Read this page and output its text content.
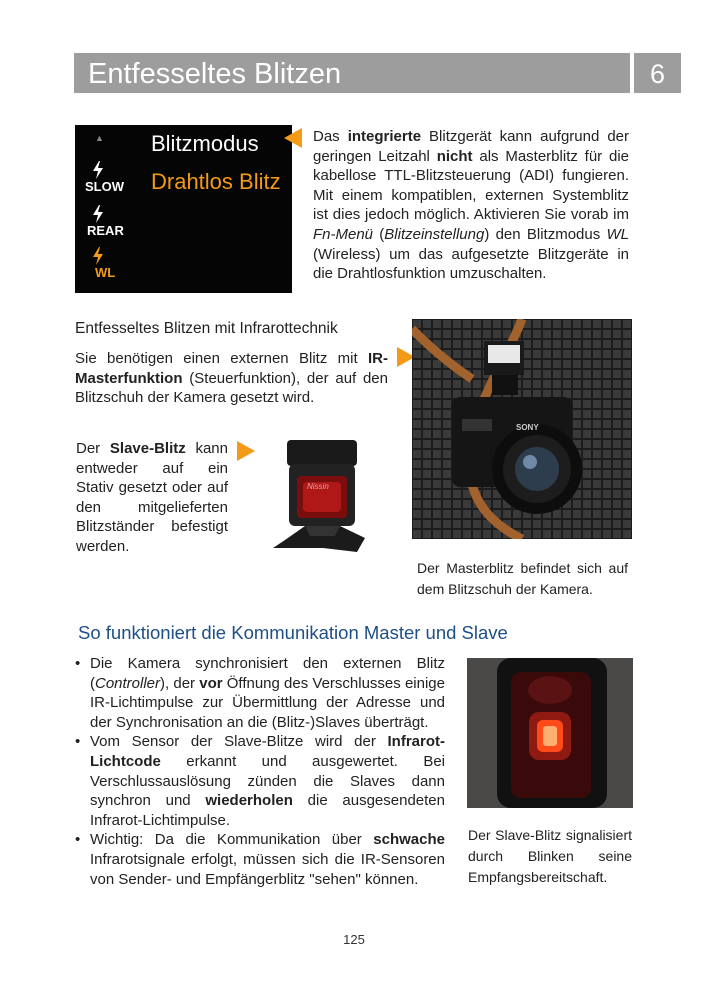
Entfesseltes Blitzen	6
▲
SLOW
REAR
WL
Blitzmodus
Drahtlos Blitz
Das integrierte Blitzgerät kann aufgrund der geringen Leitzahl nicht als Masterblitz für die kabellose TTL-Blitzsteuerung (ADI) fungieren. Mit einem kompatiblen, externen Systemblitz ist dies jedoch möglich. Aktivieren Sie vorab im Fn-Menü (Blitzeinstellung) den Blitzmodus WL (Wireless) um das aufgesetzte Blitzgeräte in die Drahtlosfunktion umzuschalten.
Entfesseltes Blitzen mit Infrarottechnik
Sie benötigen einen externen Blitz mit IR-Masterfunktion (Steuerfunktion), der auf den Blitzschuh der Kamera gesetzt wird.
SONY
Der Masterblitz befindet sich auf dem Blitzschuh der Kamera.
Der Slave-Blitz kann entweder auf ein Stativ gesetzt oder auf den mitgelieferten Blitzständer befestigt werden.
Nissin
So funktioniert die Kommunikation Master und Slave
• Die Kamera synchronisiert den externen Blitz (Controller), der vor Öffnung des Verschlusses einige IR-Lichtimpulse zur Übermittlung der Adresse und der Synchronisation an die (Blitz-)Slaves überträgt.
• Vom Sensor der Slave-Blitze wird der Infrarot-Lichtcode erkannt und ausgewertet. Bei Verschlussauslösung zünden die Slaves dann synchron und wiederholen die ausgesendeten Infrarot-Lichtimpulse.
• Wichtig: Da die Kommunikation über schwache Infrarotsignale erfolgt, müssen sich die IR-Sensoren von Sender- und Empfängerblitz "sehen" können.
Der Slave-Blitz signalisiert durch Blinken seine Empfangsbereitschaft.
125
